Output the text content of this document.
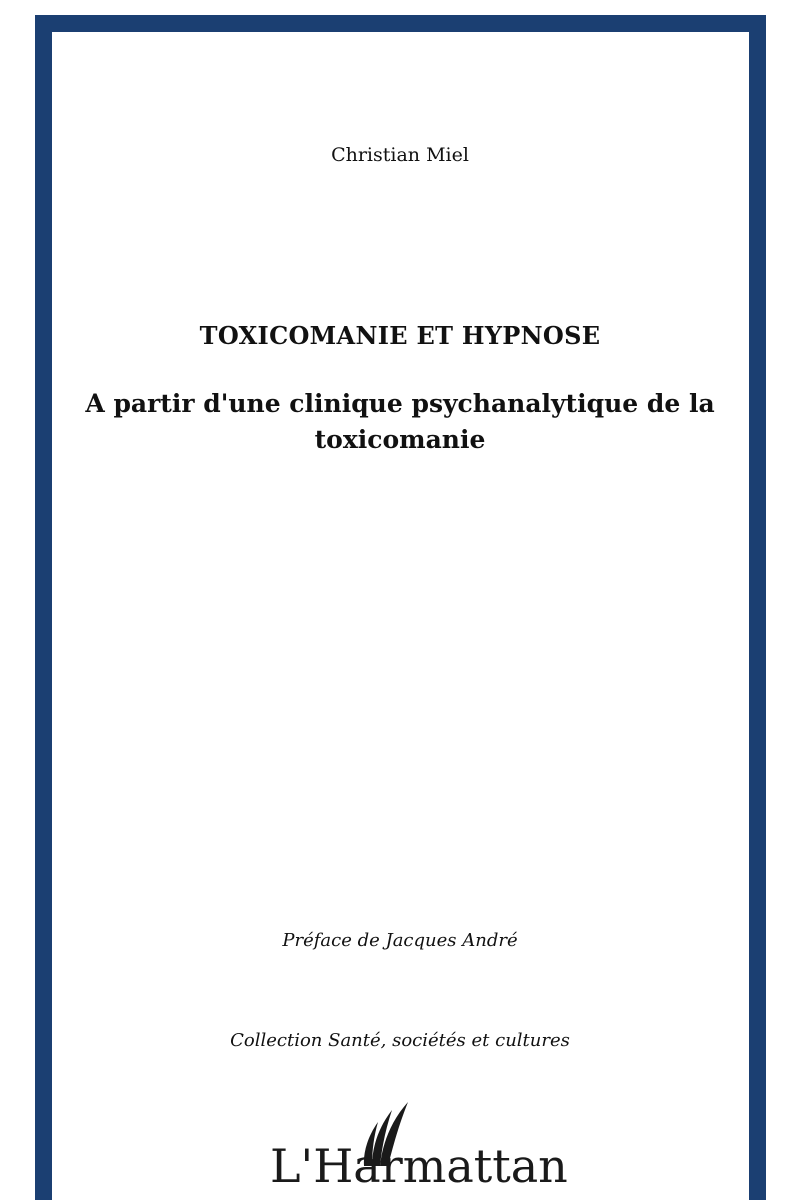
Christian Miel
TOXICOMANIE ET HYPNOSE
A partir d'une clinique psychanalytique de la toxicomanie
Préface de Jacques André
Collection Santé, sociétés et cultures
L'Harmattan
